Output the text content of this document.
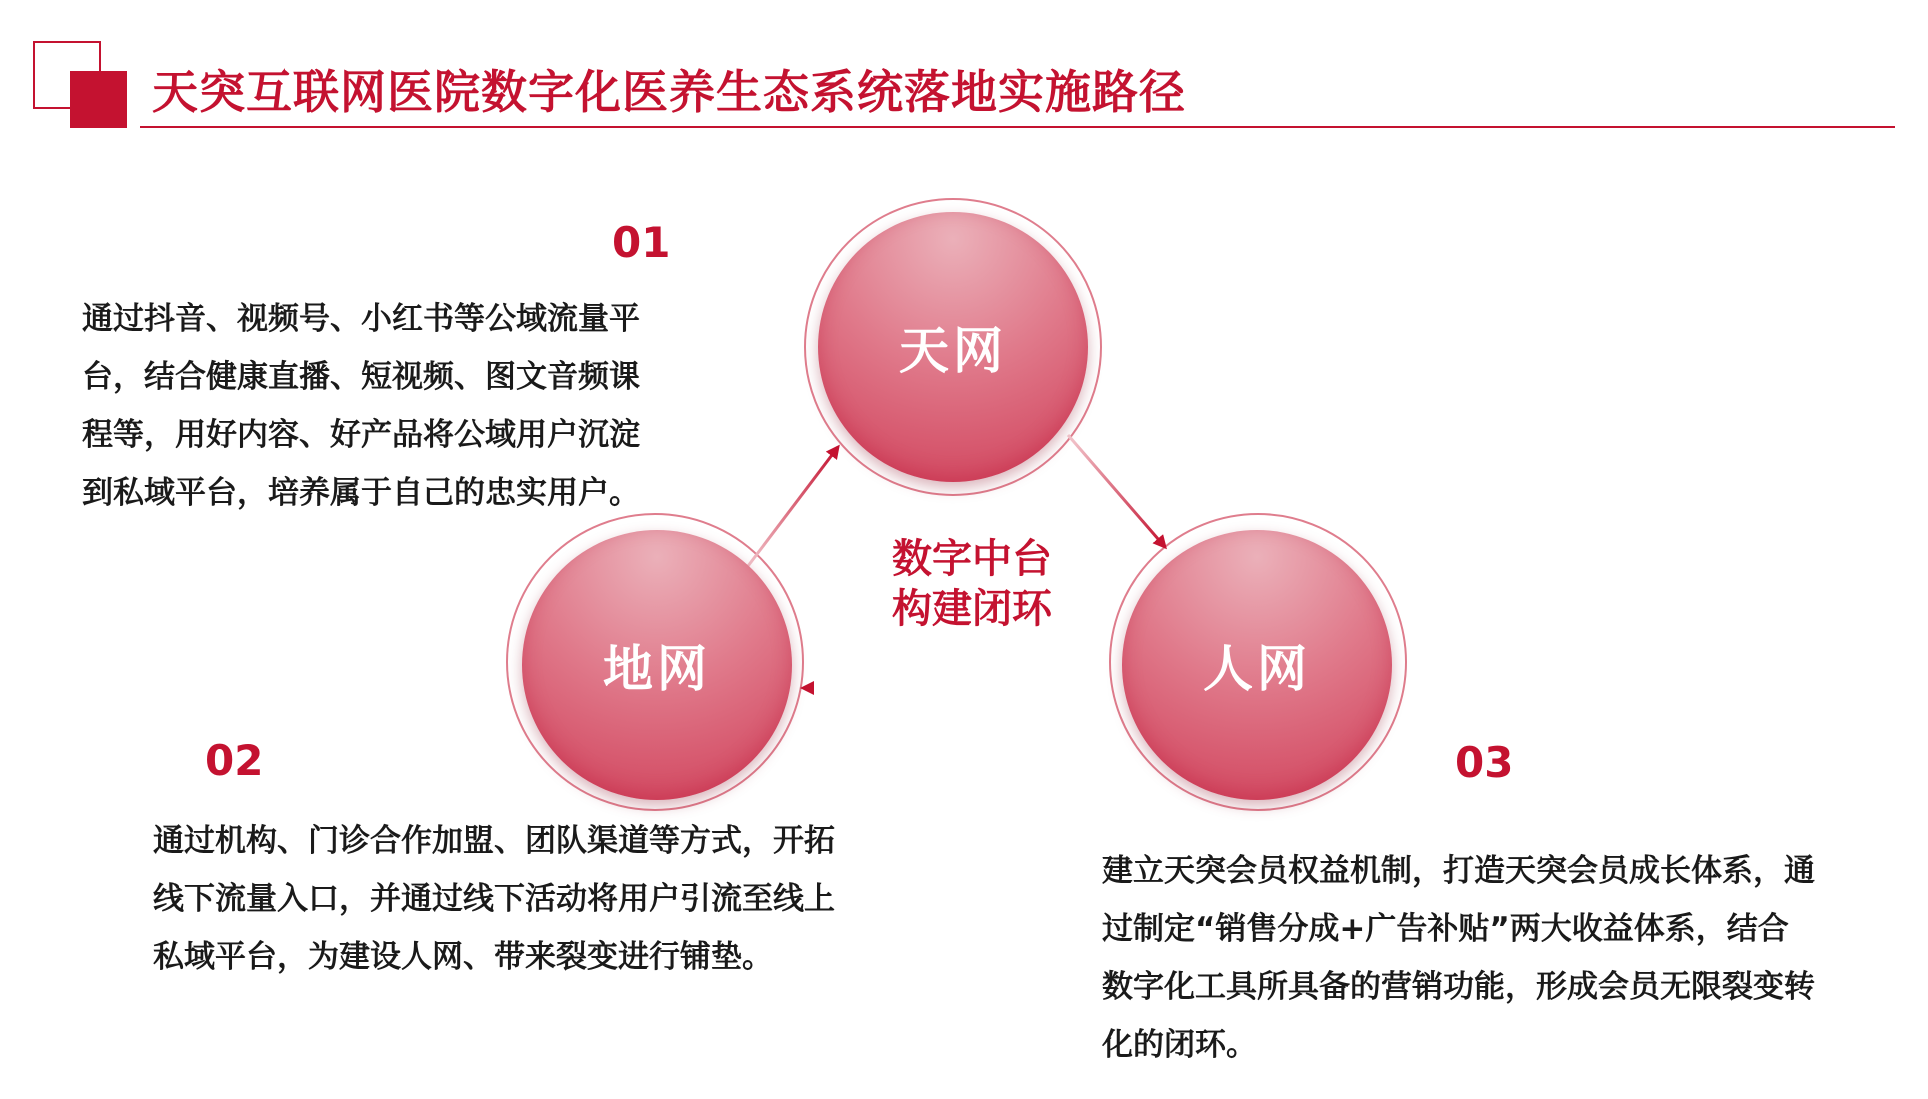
天突互联网医院数字化医养生态系统落地实施路径
天网
地网	人网
数字中台
构建闭环
01
通过抖音、视频号、小红书等公域流量平
台，结合健康直播、短视频、图文音频课
程等，用好内容、好产品将公域用户沉淀
到私域平台，培养属于自己的忠实用户。
02
通过机构、门诊合作加盟、团队渠道等方式，开拓
线下流量入口，并通过线下活动将用户引流至线上
私域平台，为建设人网、带来裂变进行铺垫。
03
建立天突会员权益机制，打造天突会员成长体系，通
过制定“销售分成+广告补贴”两大收益体系，结合
数字化工具所具备的营销功能，形成会员无限裂变转
化的闭环。
